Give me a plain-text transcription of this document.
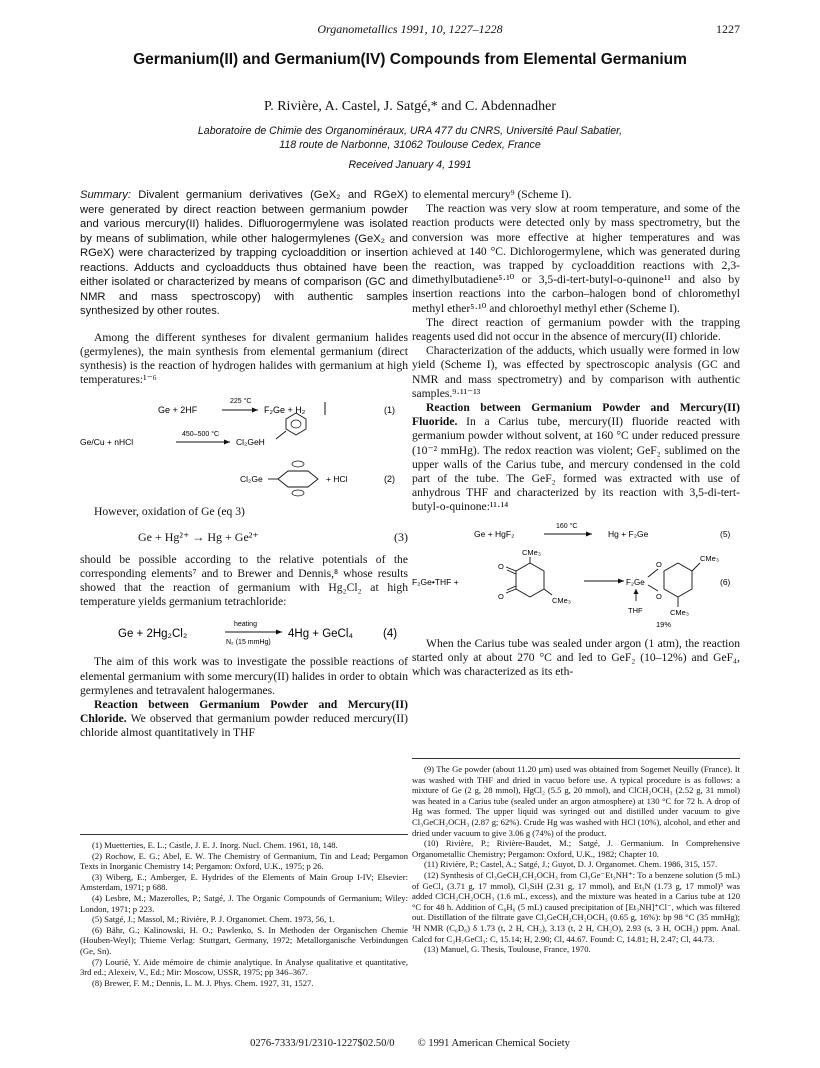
Organometallics 1991, 10, 1227–1228	1227
Germanium(II) and Germanium(IV) Compounds from Elemental Germanium
P. Rivière, A. Castel, J. Satgé,* and C. Abdennadher
Laboratoire de Chimie des Organominéraux, URA 477 du CNRS, Université Paul Sabatier,
118 route de Narbonne, 31062 Toulouse Cedex, France
Received January 4, 1991
Summary: Divalent germanium derivatives (GeX₂ and RGeX) were generated by direct reaction between germanium powder and various mercury(II) halides. Difluorogermylene was isolated by means of sublimation, while other halogermylenes (GeX₂ and RGeX) were characterized by trapping cycloaddition or insertion reactions. Adducts and cycloadducts thus obtained have been either isolated or characterized by means of comparison (GC and NMR and mass spectroscopy) with authentic samples synthesized by other routes.

Among the different syntheses for divalent germanium halides (germylenes), the main synthesis from elemental germanium (direct synthesis) is the reaction of hydrogen halides with germanium at high temperatures:¹⁻⁶

Ge + 2HF
225 °C
F₂Ge + H₂	(1)
Ge/Cu + nHCl
450–500 °C
Cl₂GeH
Cl₂Ge	+ HCl	(2)

However, oxidation of Ge (eq 3)

Ge + Hg²⁺ → Hg + Ge²⁺	(3)

should be possible according to the relative potentials of the corresponding elements⁷ and to Brewer and Dennis,⁸ whose results showed that the reaction of germanium with Hg₂Cl₂ at high temperature yields germanium tetrachloride:

Ge + 2Hg₂Cl₂
heating
N₂ (15 mmHg)
4Hg + GeCl₄	(4)

The aim of this work was to investigate the possible reactions of elemental germanium with some mercury(II) halides in order to obtain germylenes and tetravalent halogermanes.

Reaction between Germanium Powder and Mercury(II) Chloride. We observed that germanium powder reduced mercury(II) chloride almost quantitatively in THF

(1) Muetterties, E. L.; Castle, J. E. J. Inorg. Nucl. Chem. 1961, 18, 148.

(2) Rochow, E. G.; Abel, E. W. The Chemistry of Germanium, Tin and Lead; Pergamon Texts in Inorganic Chemistry 14; Pergamon: Oxford, U.K., 1975; p 26.

(3) Wiberg, E.; Amberger, E. Hydrides of the Elements of Main Group I-IV; Elsevier: Amsterdam, 1971; p 688.

(4) Lesbre, M.; Mazerolles, P.; Satgé, J. The Organic Compounds of Germanium; Wiley: London, 1971; p 223.

(5) Satgé, J.; Massol, M.; Rivière, P. J. Organomet. Chem. 1973, 56, 1.

(6) Bähr, G.; Kalinowski, H. O.; Pawlenko, S. In Methoden der Organischen Chemie (Houben-Weyl); Thieme Verlag: Stuttgart, Germany, 1972; Metallorganische Verbindungen (Ge, Sn).

(7) Lourié, Y. Aide mémoire de chimie analytique. In Analyse qualitative et quantitative, 3rd ed.; Alexeiv, V., Ed.; Mir: Moscow, USSR, 1975; pp 346–367.

(8) Brewer, F. M.; Dennis, L. M. J. Phys. Chem. 1927, 31, 1527.

to elemental mercury⁹ (Scheme I).

The reaction was very slow at room temperature, and some of the reaction products were detected only by mass spectrometry, but the conversion was more effective at higher temperatures and was achieved at 140 °C. Dichlorogermylene, which was generated during the reaction, was trapped by cycloaddition reactions with 2,3-dimethylbutadiene⁵·¹⁰ or 3,5-di-tert-butyl-o-quinone¹¹ and also by insertion reactions into the carbon–halogen bond of chloromethyl methyl ether⁵·¹⁰ and chloroethyl methyl ether (Scheme I).

The direct reaction of germanium powder with the trapping reagents used did not occur in the absence of mercury(II) chloride.

Characterization of the adducts, which usually were formed in low yield (Scheme I), was effected by spectroscopic analysis (GC and NMR and mass spectrometry) and by comparison with authentic samples.⁹·¹¹⁻¹³

Reaction between Germanium Powder and Mercury(II) Fluoride. In a Carius tube, mercury(II) fluoride reacted with germanium powder without solvent, at 160 °C under reduced pressure (10⁻² mmHg). The redox reaction was violent; GeF₂ sublimed on the upper walls of the Carius tube, and mercury condensed in the cold part of the tube. The GeF₂ formed was extracted with use of anhydrous THF and characterized by its reaction with 3,5-di-tert-butyl-o-quinone:¹¹·¹⁴

Ge + HgF₂
160 °C
Hg + F₂Ge	(5)
F₂Ge•THF +
CMe₃
O
O	CMe₃
F₂Ge
O
O
CMe₃
CMe₃
THF
19%
(6)

When the Carius tube was sealed under argon (1 atm), the reaction started only at about 270 °C and led to GeF₂ (10–12%) and GeF₄, which was characterized as its eth-

(9) The Ge powder (about 11.20 μm) used was obtained from Sogemet Neuilly (France). It was washed with THF and dried in vacuo before use. A typical procedure is as follows: a mixture of Ge (2 g, 28 mmol), HgCl₂ (5.5 g, 20 mmol), and ClCH₂OCH₃ (2.52 g, 31 mmol) was heated in a Carius tube (sealed under an argon atmosphere) at 130 °C for 72 h. A drop of Hg was formed. The upper liquid was syringed out and distilled under vacuum to give Cl₃GeCH₂OCH₃ (2.87 g; 62%). Crude Hg was washed with HCl (10%), alcohol, and ether and dried under vacuum to give 3.06 g (74%) of the product.

(10) Rivière, P.; Rivière-Baudet, M.; Satgé, J. Germanium. In Comprehensive Organometallic Chemistry; Pergamon: Oxford, U.K., 1982; Chapter 10.

(11) Rivière, P.; Castel, A.; Satgé, J.; Guyot, D. J. Organomet. Chem. 1986, 315, 157.

(12) Synthesis of Cl₃GeCH₂CH₂OCH₃ from Cl₃Ge⁻Et₃NH⁺: To a benzene solution (5 mL) of GeCl₄ (3.71 g, 17 mmol), Cl₃SiH (2.31 g, 17 mmol), and Et₃N (1.73 g, 17 mmol)⁵ was added ClCH₂CH₂OCH₃ (1.6 mL, excess), and the mixture was heated in a Carius tube at 120 °C for 48 h. Addition of C₆H₆ (5 mL) caused precipitation of [Et₃NH]⁺Cl⁻, which was filtered out. Distillation of the filtrate gave Cl₃GeCH₂CH₂OCH₃ (0.65 g, 16%): bp 98 °C (35 mmHg); ¹H NMR (C₆D₆) δ 1.73 (t, 2 H, CH₂), 3.13 (t, 2 H, CH₂O), 2.93 (s, 3 H, OCH₃) ppm. Anal. Calcd for C₃H₇GeCl₃: C, 15.14; H, 2.90; Cl, 44.67. Found: C, 14.81; H, 2.47; Cl, 44.73.

(13) Manuel, G. Thesis, Toulouse, France, 1970.

0276-7333/91/2310-1227$02.50/0 © 1991 American Chemical Society
